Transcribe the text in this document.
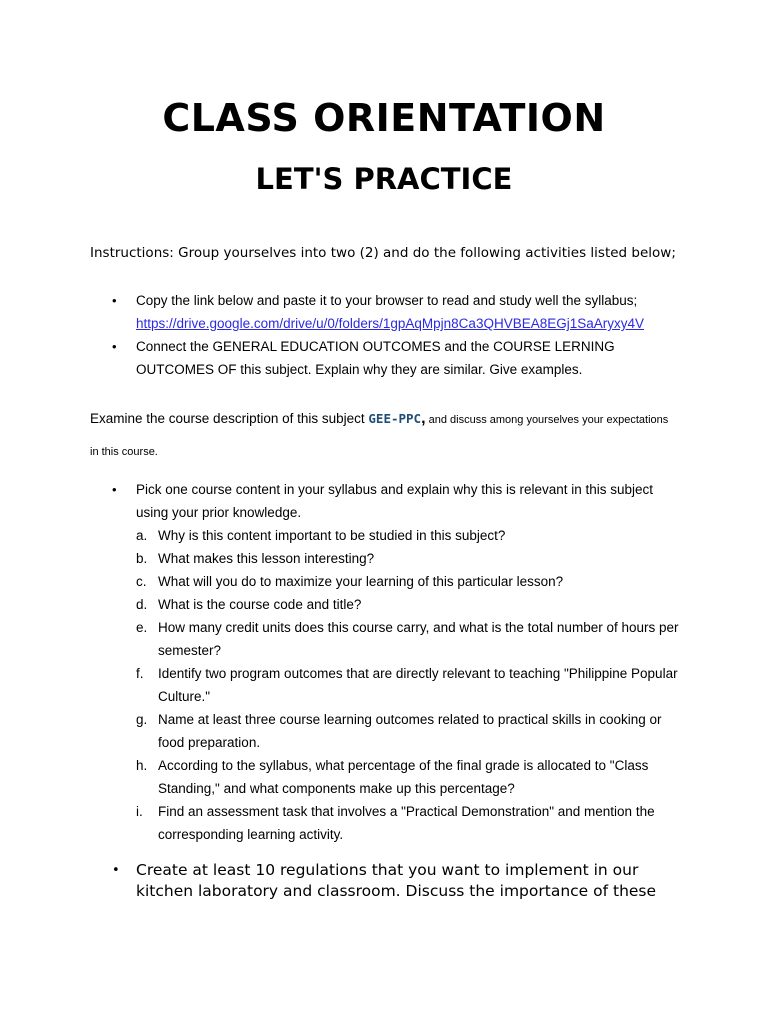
CLASS ORIENTATION
LET'S PRACTICE

Instructions: Group yourselves into two (2) and do the following activities listed below;

• Copy the link below and paste it to your browser to read and study well the syllabus;
https://drive.google.com/drive/u/0/folders/1gpAqMpjn8Ca3QHVBEA8EGj1SaAryxy4V
• Connect the GENERAL EDUCATION OUTCOMES and the COURSE LERNING OUTCOMES OF this subject. Explain why they are similar. Give examples.

Examine the course description of this subject GEE-PPC, and discuss among yourselves your expectations

in this course.

• Pick one course content in your syllabus and explain why this is relevant in this subject using your prior knowledge.
a. Why is this content important to be studied in this subject?
b. What makes this lesson interesting?
c. What will you do to maximize your learning of this particular lesson?
d. What is the course code and title?
e. How many credit units does this course carry, and what is the total number of hours per semester?
f. Identify two program outcomes that are directly relevant to teaching "Philippine Popular Culture."
g. Name at least three course learning outcomes related to practical skills in cooking or food preparation.
h. According to the syllabus, what percentage of the final grade is allocated to "Class Standing," and what components make up this percentage?
i. Find an assessment task that involves a "Practical Demonstration" and mention the corresponding learning activity.
• Create at least 10 regulations that you want to implement in our kitchen laboratory and classroom. Discuss the importance of these
